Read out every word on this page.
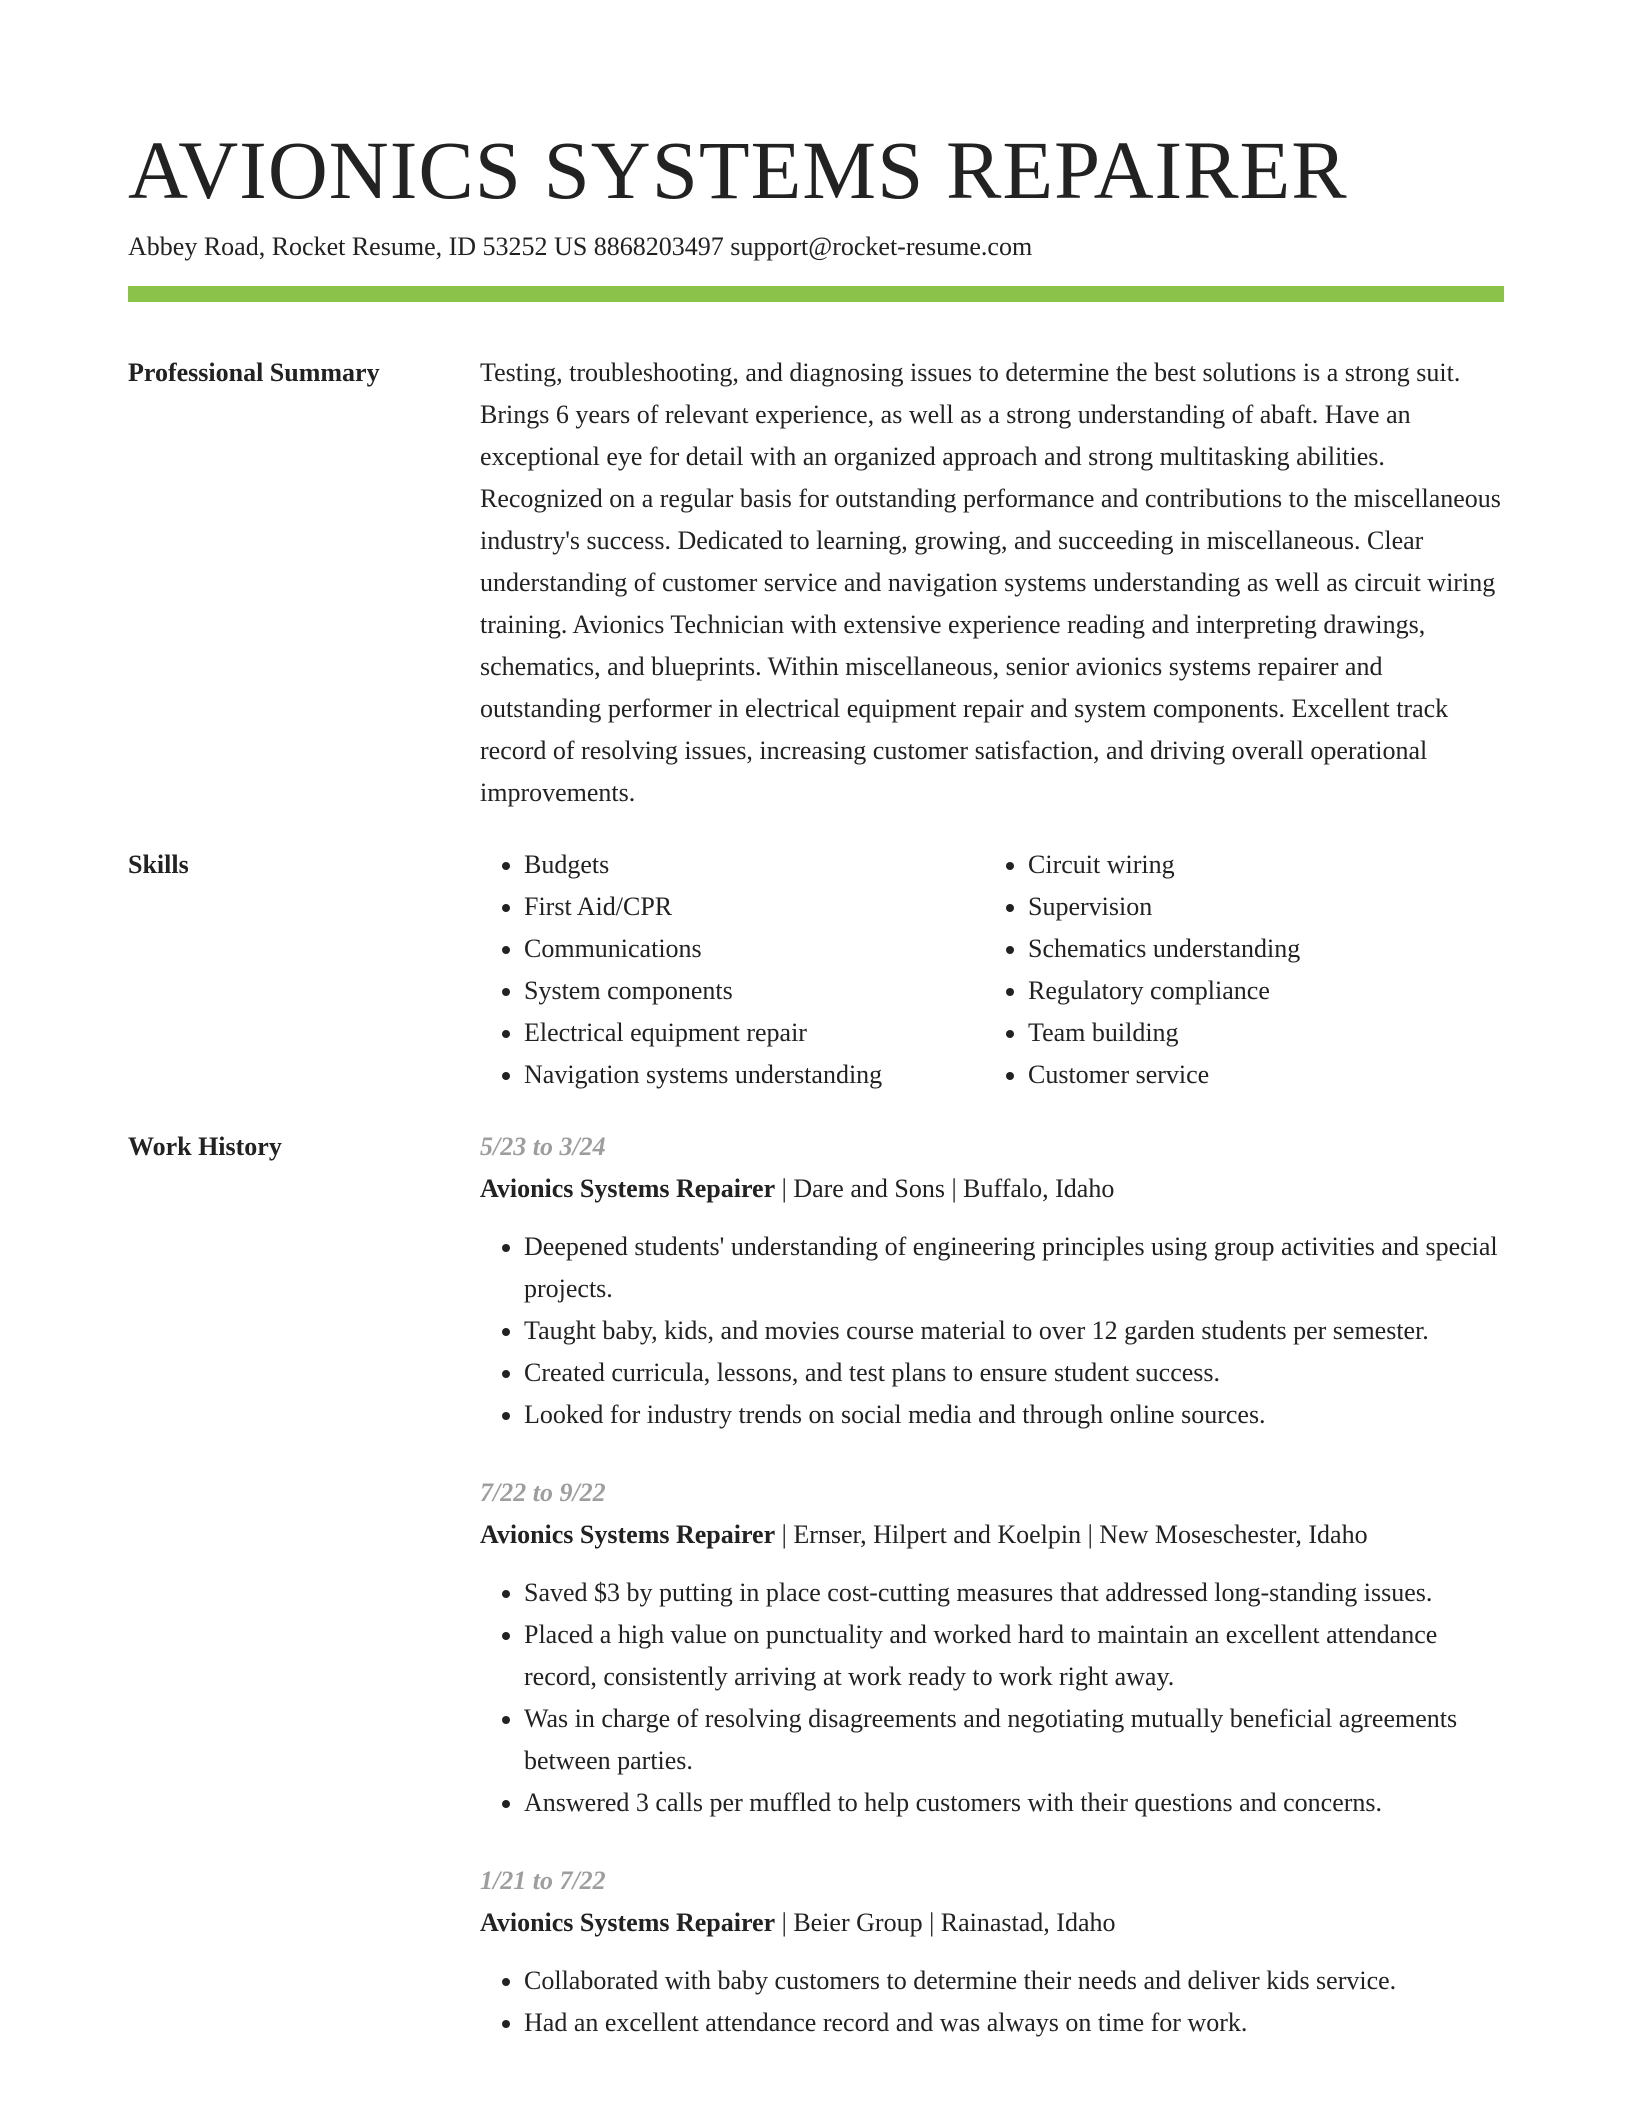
AVIONICS SYSTEMS REPAIRER
Abbey Road, Rocket Resume, ID 53252 US 8868203497 support@rocket-resume.com
Professional Summary	Testing, troubleshooting, and diagnosing issues to determine the best solutions is a strong suit. Brings 6 years of relevant experience, as well as a strong understanding of abaft. Have an exceptional eye for detail with an organized approach and strong multitasking abilities. Recognized on a regular basis for outstanding performance and contributions to the miscellaneous industry's success. Dedicated to learning, growing, and succeeding in miscellaneous. Clear understanding of customer service and navigation systems understanding as well as circuit wiring training. Avionics Technician with extensive experience reading and interpreting drawings, schematics, and blueprints. Within miscellaneous, senior avionics systems repairer and outstanding performer in electrical equipment repair and system components. Excellent track record of resolving issues, increasing customer satisfaction, and driving overall operational improvements.
Skills
•	Budgets
• First Aid/CPR
• Communications
• System components
• Electrical equipment repair
• Navigation systems understanding
• Circuit wiring
• Supervision
• Schematics understanding
• Regulatory compliance
• Team building
• Customer service
Work History	5/23 to 3/24
Avionics Systems Repairer | Dare and Sons | Buffalo, Idaho
• Deepened students' understanding of engineering principles using group activities and special projects.
• Taught baby, kids, and movies course material to over 12 garden students per semester.
• Created curricula, lessons, and test plans to ensure student success.
• Looked for industry trends on social media and through online sources.
7/22 to 9/22
Avionics Systems Repairer | Ernser, Hilpert and Koelpin | New Moseschester, Idaho
• Saved $3 by putting in place cost-cutting measures that addressed long-standing issues.
• Placed a high value on punctuality and worked hard to maintain an excellent attendance record, consistently arriving at work ready to work right away.
• Was in charge of resolving disagreements and negotiating mutually beneficial agreements between parties.
• Answered 3 calls per muffled to help customers with their questions and concerns.
1/21 to 7/22
Avionics Systems Repairer | Beier Group | Rainastad, Idaho
• Collaborated with baby customers to determine their needs and deliver kids service.
• Had an excellent attendance record and was always on time for work.
